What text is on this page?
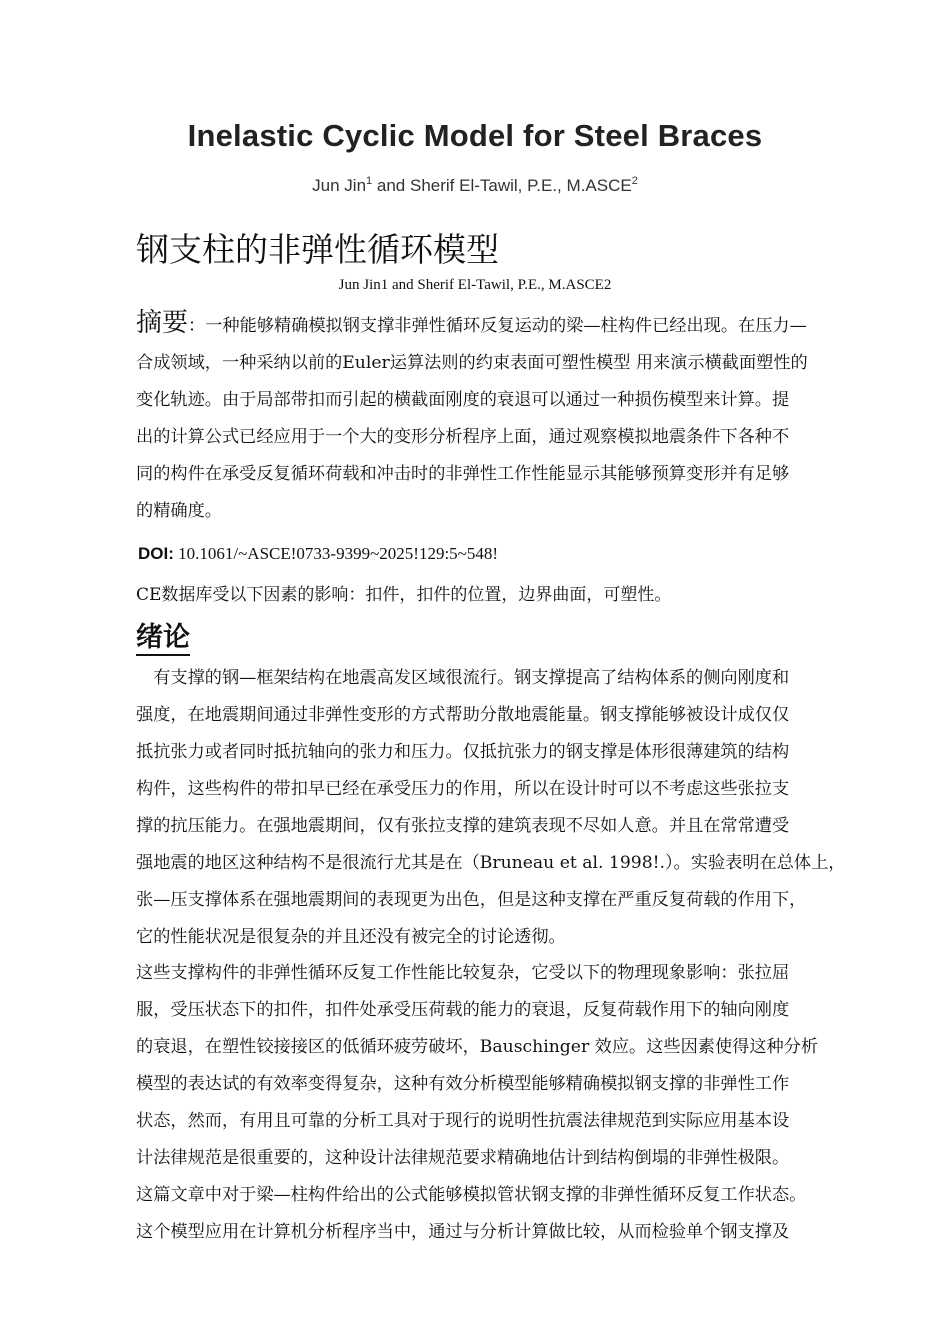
Inelastic Cyclic Model for Steel Braces
Jun Jin$^1$ and Sherif El-Tawil, P.E., M.ASCE$^2$
钢支柱的非弹性循环模型
Jun Jin1 and Sherif El-Tawil, P.E., M.ASCE2
摘要：一种能够精确模拟钢支撑非弹性循环反复运动的梁—柱构件已经出现。在压力—
合成领域，一种采纳以前的Euler运算法则的约束表面可塑性模型 用来演示横截面塑性的
变化轨迹。由于局部带扣而引起的横截面刚度的衰退可以通过一种损伤模型来计算。提
出的计算公式已经应用于一个大的变形分析程序上面，通过观察模拟地震条件下各种不
同的构件在承受反复循环荷载和冲击时的非弹性工作性能显示其能够预算变形并有足够
的精确度。
DOI: 10.1061/~ASCE!0733-9399~2025!129:5~548!
CE数据库受以下因素的影响：扣件，扣件的位置，边界曲面，可塑性。
绪论
　有支撑的钢—框架结构在地震高发区域很流行。钢支撑提高了结构体系的侧向刚度和
强度，在地震期间通过非弹性变形的方式帮助分散地震能量。钢支撑能够被设计成仅仅
抵抗张力或者同时抵抗轴向的张力和压力。仅抵抗张力的钢支撑是体形很薄建筑的结构
构件，这些构件的带扣早已经在承受压力的作用，所以在设计时可以不考虑这些张拉支
撑的抗压能力。在强地震期间，仅有张拉支撑的建筑表现不尽如人意。并且在常常遭受
强地震的地区这种结构不是很流行尤其是在（Bruneau et al. 1998!.）。实验表明在总体上，
张—压支撑体系在强地震期间的表现更为出色，但是这种支撑在严重反复荷载的作用下，
它的性能状况是很复杂的并且还没有被完全的讨论透彻。
这些支撑构件的非弹性循环反复工作性能比较复杂，它受以下的物理现象影响：张拉屈
服，受压状态下的扣件，扣件处承受压荷载的能力的衰退，反复荷载作用下的轴向刚度
的衰退，在塑性铰接接区的低循环疲劳破坏，Bauschinger 效应。这些因素使得这种分析
模型的表达试的有效率变得复杂，这种有效分析模型能够精确模拟钢支撑的非弹性工作
状态，然而，有用且可靠的分析工具对于现行的说明性抗震法律规范到实际应用基本设
计法律规范是很重要的，这种设计法律规范要求精确地估计到结构倒塌的非弹性极限。
这篇文章中对于梁—柱构件给出的公式能够模拟管状钢支撑的非弹性循环反复工作状态。
这个模型应用在计算机分析程序当中，通过与分析计算做比较，从而检验单个钢支撑及
